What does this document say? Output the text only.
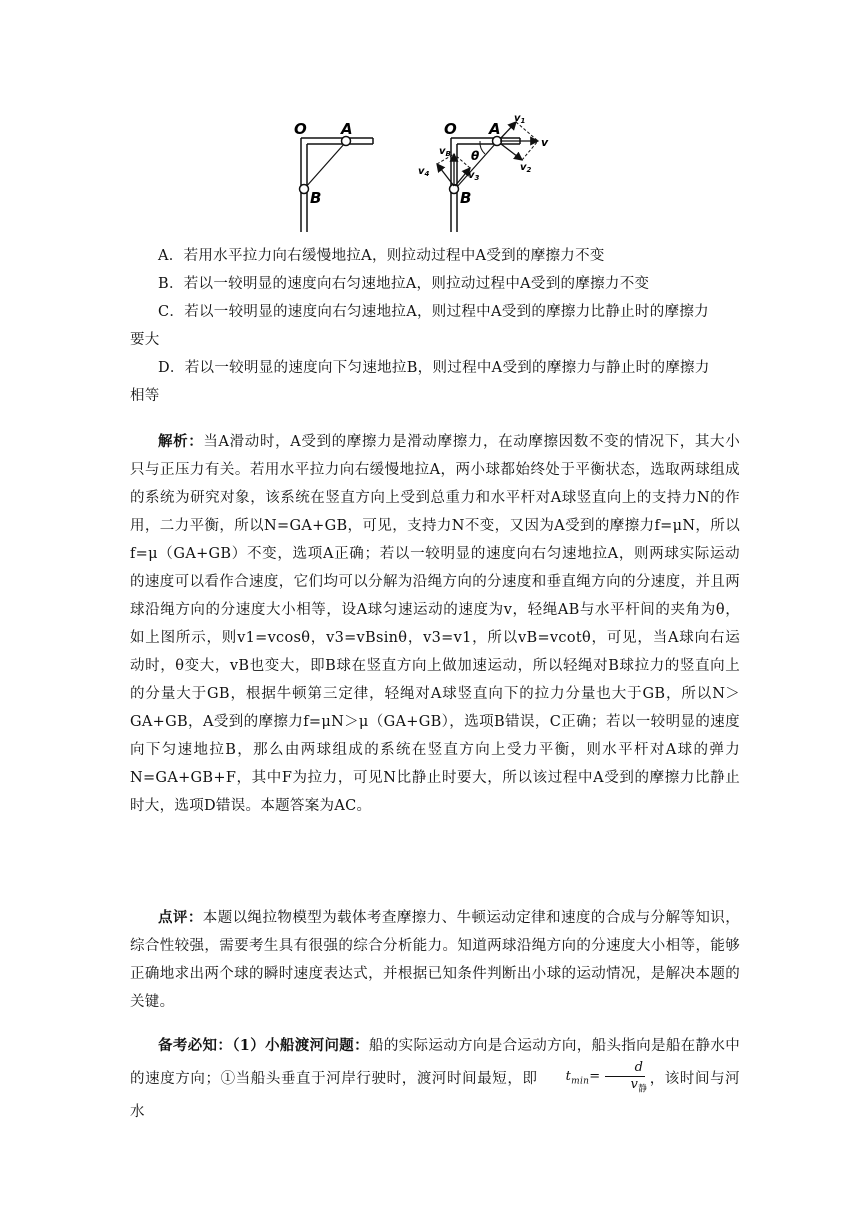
O A
B
O A
B
θ
v
$v_1$
$v_2$
$v_3$
$v_4$
$v_B$
A．若用水平拉力向右缓慢地拉A，则拉动过程中A受到的摩擦力不变
B．若以一较明显的速度向右匀速地拉A，则拉动过程中A受到的摩擦力不变
C．若以一较明显的速度向右匀速地拉A，则过程中A受到的摩擦力比静止时的摩擦力
要大
D．若以一较明显的速度向下匀速地拉B，则过程中A受到的摩擦力与静止时的摩擦力
相等

解析：当A滑动时，A受到的摩擦力是滑动摩擦力，在动摩擦因数不变的情况下，其大小只与正压力有关。若用水平拉力向右缓慢地拉A，两小球都始终处于平衡状态，选取两球组成的系统为研究对象，该系统在竖直方向上受到总重力和水平杆对A球竖直向上的支持力N的作用，二力平衡，所以N=GA+GB，可见，支持力N不变，又因为A受到的摩擦力f=μN，所以f=μ（GA+GB）不变，选项A正确；若以一较明显的速度向右匀速地拉A，则两球实际运动的速度可以看作合速度，它们均可以分解为沿绳方向的分速度和垂直绳方向的分速度，并且两球沿绳方向的分速度大小相等，设A球匀速运动的速度为v，轻绳AB与水平杆间的夹角为θ，如上图所示，则v1=vcosθ，v3=vBsinθ，v3=v1，所以vB=vcotθ，可见，当A球向右运动时，θ变大，vB也变大，即B球在竖直方向上做加速运动，所以轻绳对B球拉力的竖直向上的分量大于GB，根据牛顿第三定律，轻绳对A球竖直向下的拉力分量也大于GB，所以N＞GA+GB，A受到的摩擦力f=μN＞μ（GA+GB），选项B错误，C正确；若以一较明显的速度向下匀速地拉B，那么由两球组成的系统在竖直方向上受力平衡，则水平杆对A球的弹力N=GA+GB+F，其中F为拉力，可见N比静止时要大，所以该过程中A受到的摩擦力比静止时大，选项D错误。本题答案为AC。

点评：本题以绳拉物模型为载体考查摩擦力、牛顿运动定律和速度的合成与分解等知识，综合性较强，需要考生具有很强的综合分析能力。知道两球沿绳方向的分速度大小相等，能够正确地求出两个球的瞬时速度表达式，并根据已知条件判断出小球的运动情况，是解决本题的关键。

备考必知：（1）小船渡河问题：船的实际运动方向是合运动方向，船头指向是船在静水中的速度方向；①当船头垂直于河岸行驶时，渡河时间最短，即 $t_{min}= \frac{d}{v_静}$ ，该时间与河水
